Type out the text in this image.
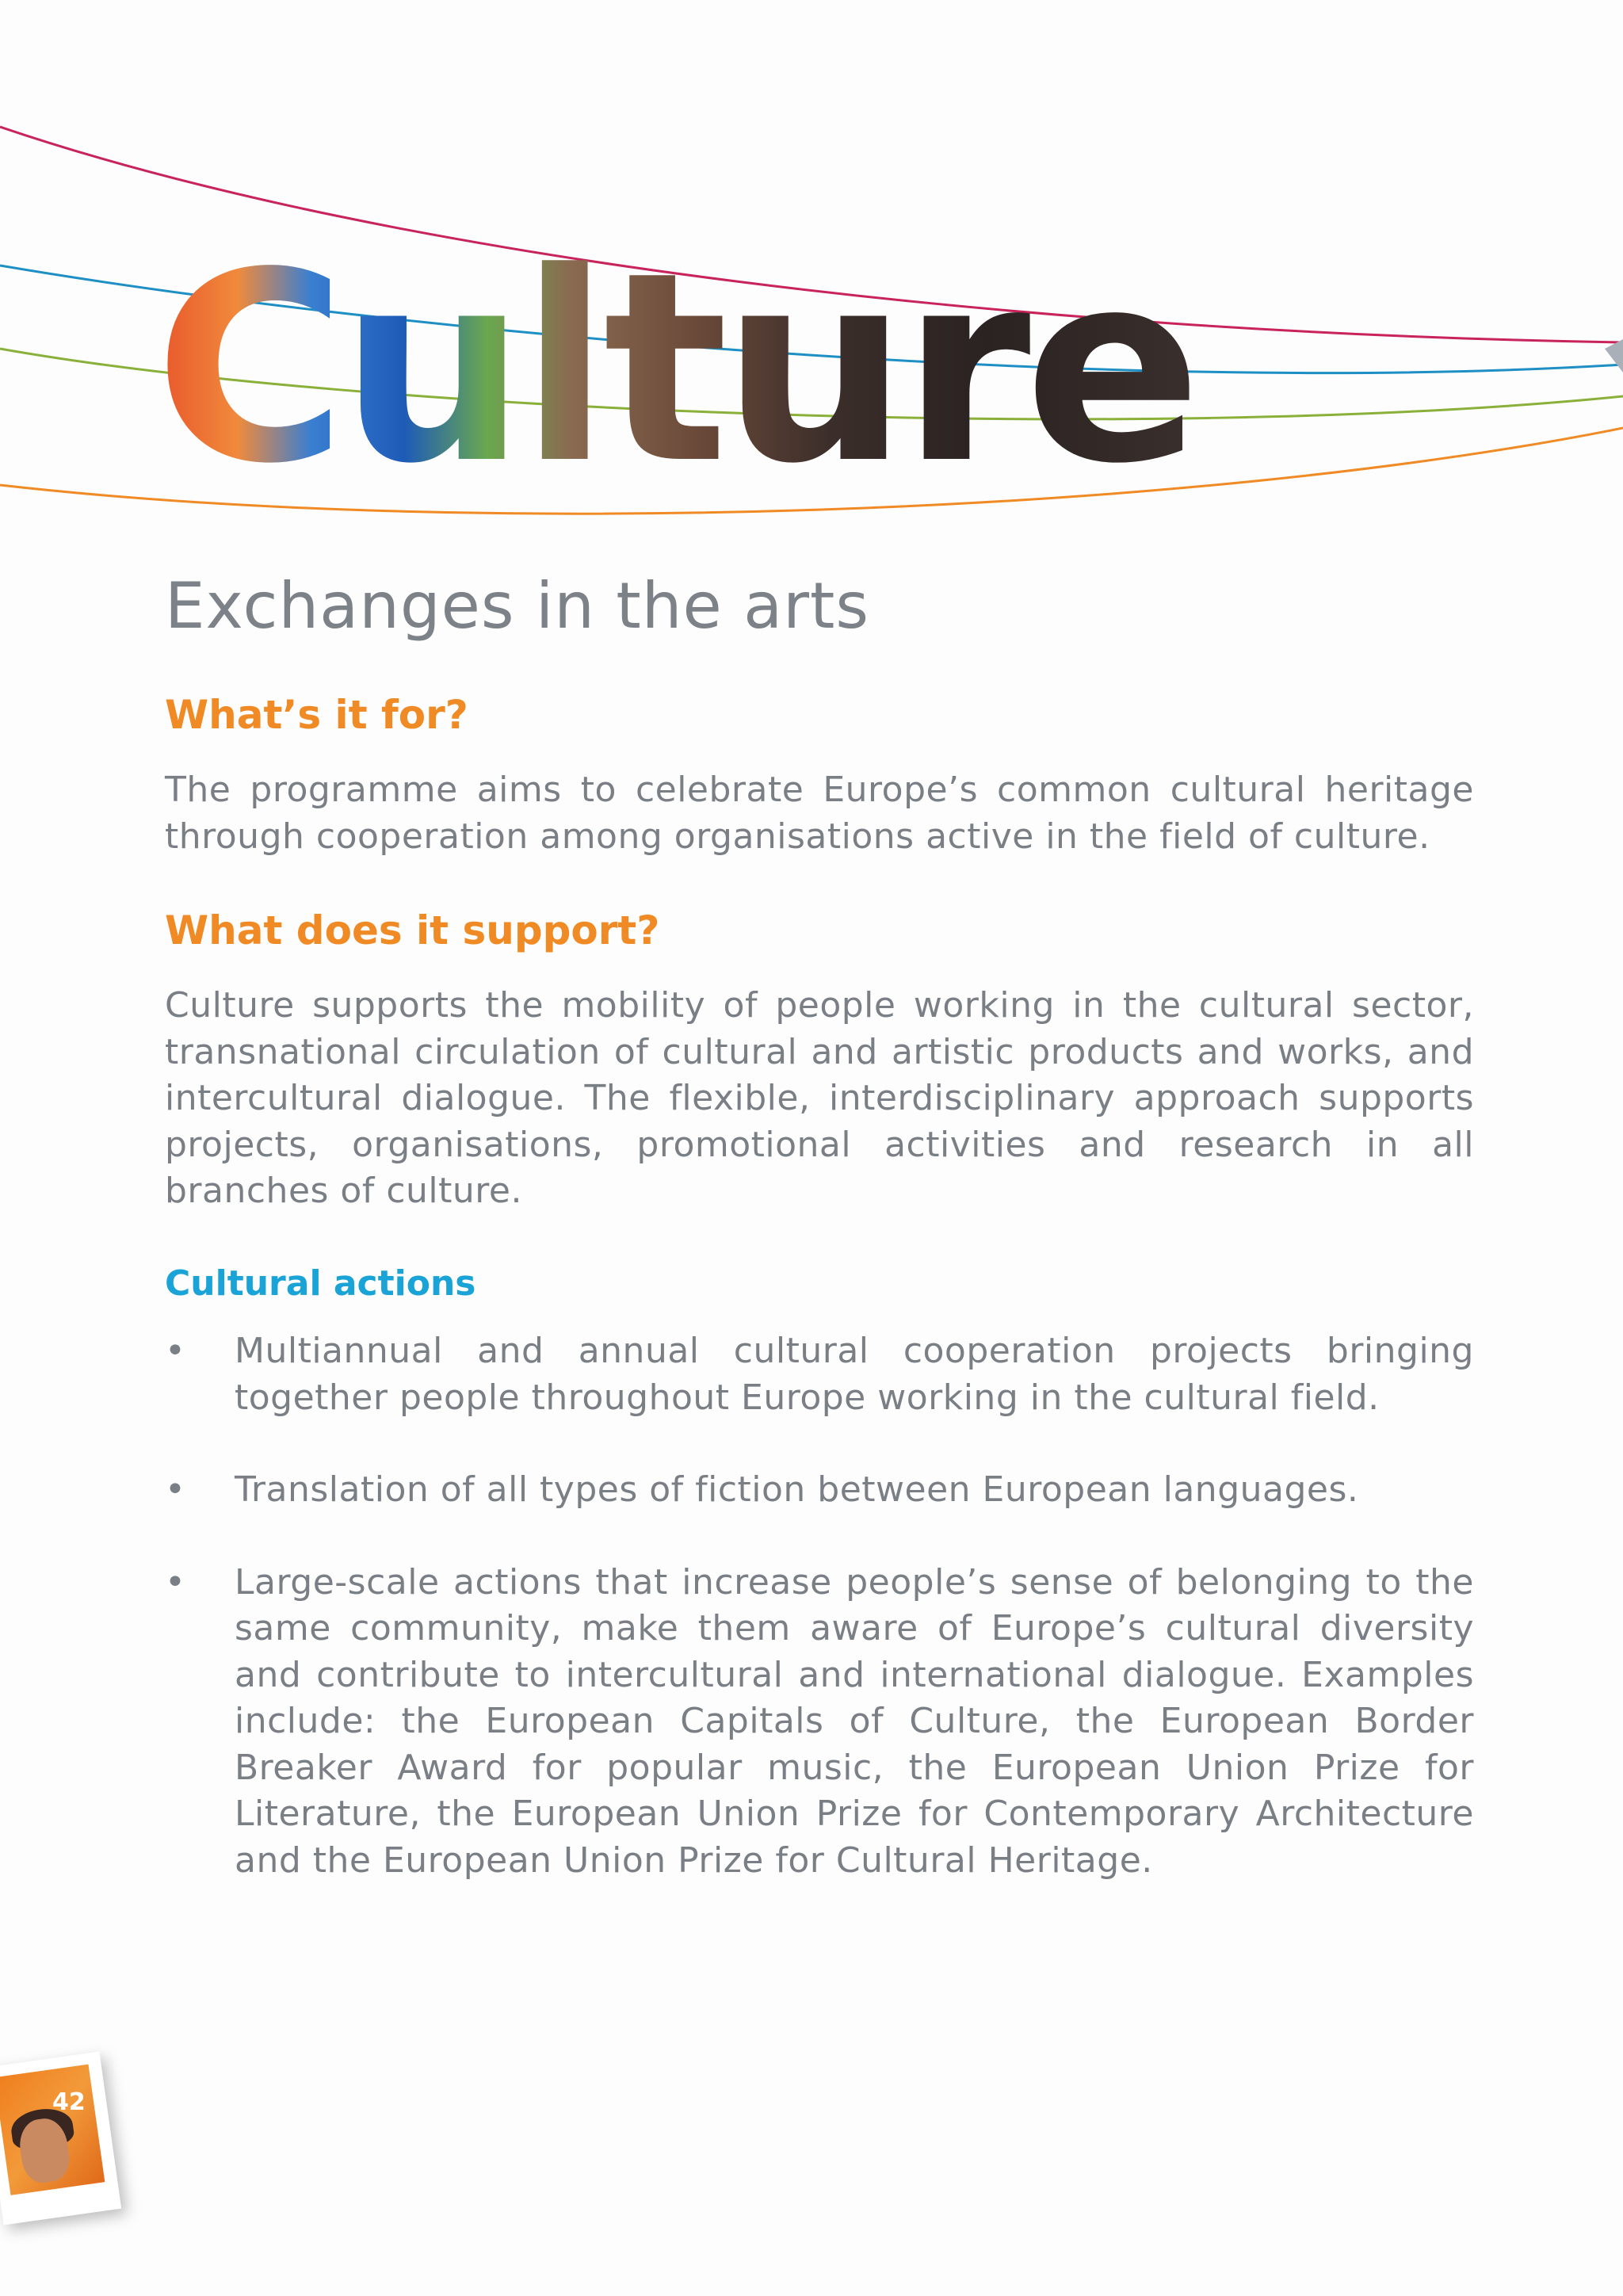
Culture
Exchanges in the arts
What’s it for?

The programme aims to celebrate Europe’s common cultural heritage through cooperation among organisations active in the field of culture.

What does it support?

Culture supports the mobility of people working in the cultural sector, transnational circulation of cultural and artistic products and works, and intercultural dialogue. The flexible, interdisciplinary approach supports projects, organisations, promotional activities and research in all branches of culture.

Cultural actions
• Multiannual and annual cultural cooperation projects bringing together people throughout Europe working in the cultural field.
• Translation of all types of fiction between European languages.
• Large-scale actions that increase people’s sense of belonging to the same community, make them aware of Europe’s cultural diversity and contribute to intercultural and international dialogue. Examples include: the European Capitals of Culture, the European Border Breaker Award for popular music, the European Union Prize for Literature, the European Union Prize for Contemporary Architecture and the European Union Prize for Cultural Heritage.
42
